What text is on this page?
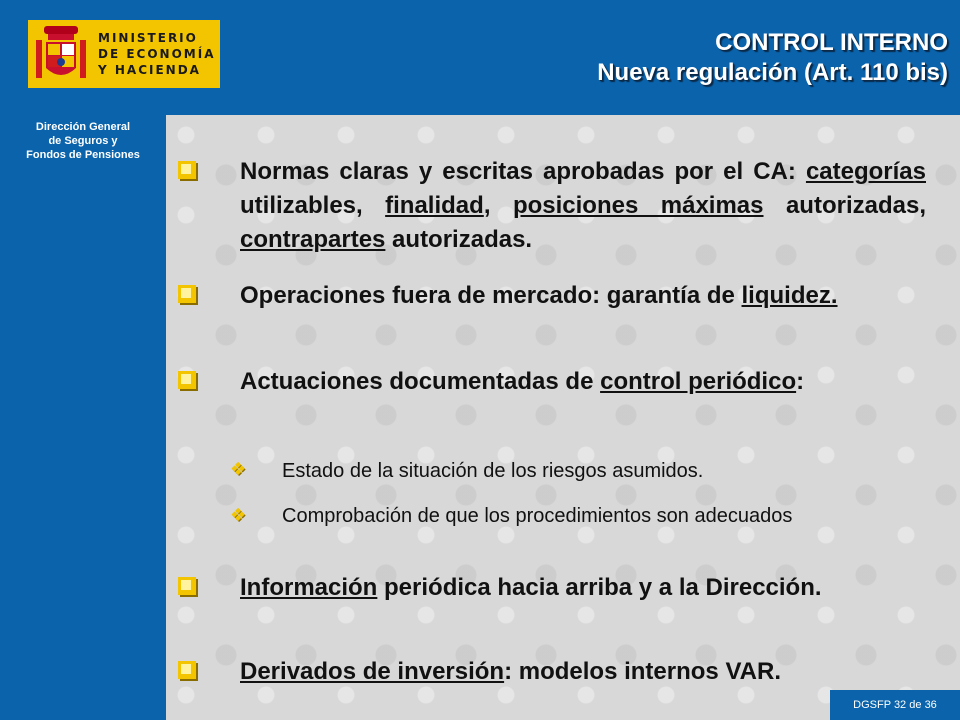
MINISTERIO
DE ECONOMÍA
Y HACIENDA
CONTROL INTERNO
Nueva regulación (Art. 110 bis)
Dirección General
de Seguros y
Fondos de Pensiones
Normas claras y escritas aprobadas por el CA: categorías utilizables, finalidad, posiciones máximas autorizadas, contrapartes autorizadas.
Operaciones fuera de mercado: garantía de liquidez.
Actuaciones documentadas de control periódico:
❖ Estado de la situación de los riesgos asumidos.
❖ Comprobación de que los procedimientos son adecuados
Información periódica hacia arriba y a la Dirección.
Derivados de inversión: modelos internos VAR.
DGSFP 32 de 36
